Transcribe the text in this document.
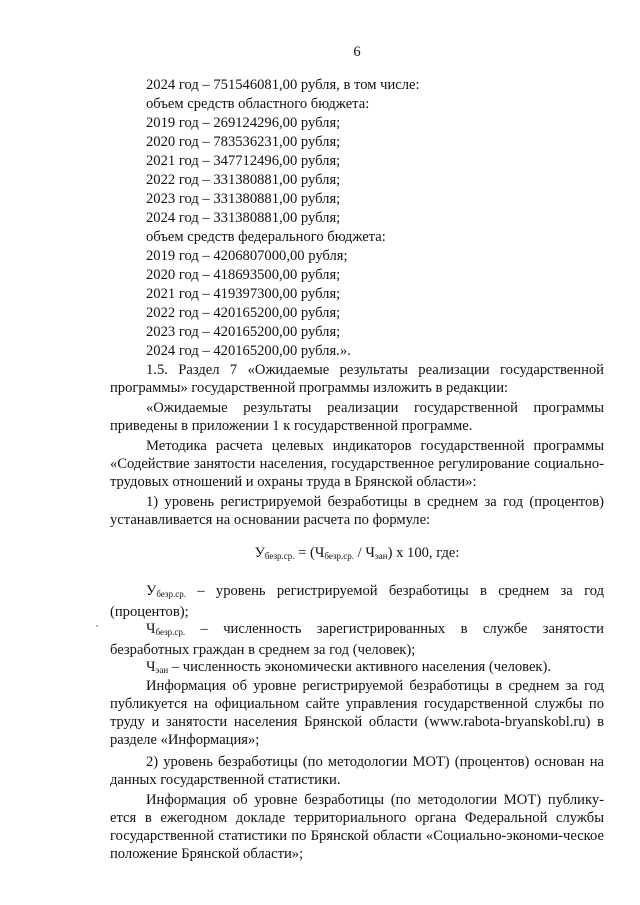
6
2024 год – 751546081,00 рубля, в том числе:
объем средств областного бюджета:
2019 год – 269124296,00 рубля;
2020 год – 783536231,00 рубля;
2021 год – 347712496,00 рубля;
2022 год – 331380881,00 рубля;
2023 год – 331380881,00 рубля;
2024 год – 331380881,00 рубля;
объем средств федерального бюджета:
2019 год – 4206807000,00 рубля;
2020 год – 418693500,00 рубля;
2021 год – 419397300,00 рубля;
2022 год – 420165200,00 рубля;
2023 год – 420165200,00 рубля;
2024 год – 420165200,00 рубля.».
1.5. Раздел 7 «Ожидаемые результаты реализации государственной программы» государственной программы изложить в редакции:
«Ожидаемые результаты реализации государственной программы приведены в приложении 1 к государственной программе.
Методика расчета целевых индикаторов государственной программы «Содействие занятости населения, государственное регулирование социально-трудовых отношений и охраны труда в Брянской области»:
1) уровень регистрируемой безработицы в среднем за год (процентов) устанавливается на основании расчета по формуле:
$У_{безр.ср.} = (Ч_{безр.ср.} / Ч_{эан})$ х 100, где:
$У_{безр.ср.}$ – уровень регистрируемой безработицы в среднем за год (процентов);
$Ч_{безр.ср.}$ – численность зарегистрированных в службе занятости безработных граждан в среднем за год (человек);
$Ч_{эан}$ – численность экономически активного населения (человек).
Информация об уровне регистрируемой безработицы в среднем за год публикуется на официальном сайте управления государственной службы по труду и занятости населения Брянской области (www.rabota-bryanskobl.ru) в разделе «Информация»;
2) уровень безработицы (по методологии МОТ) (процентов) основан на данных государственной статистики.
Информация об уровне безработицы (по методологии МОТ) публику-ется в ежегодном докладе территориального органа Федеральной службы государственной статистики по Брянской области «Социально-экономи-ческое положение Брянской области»;
